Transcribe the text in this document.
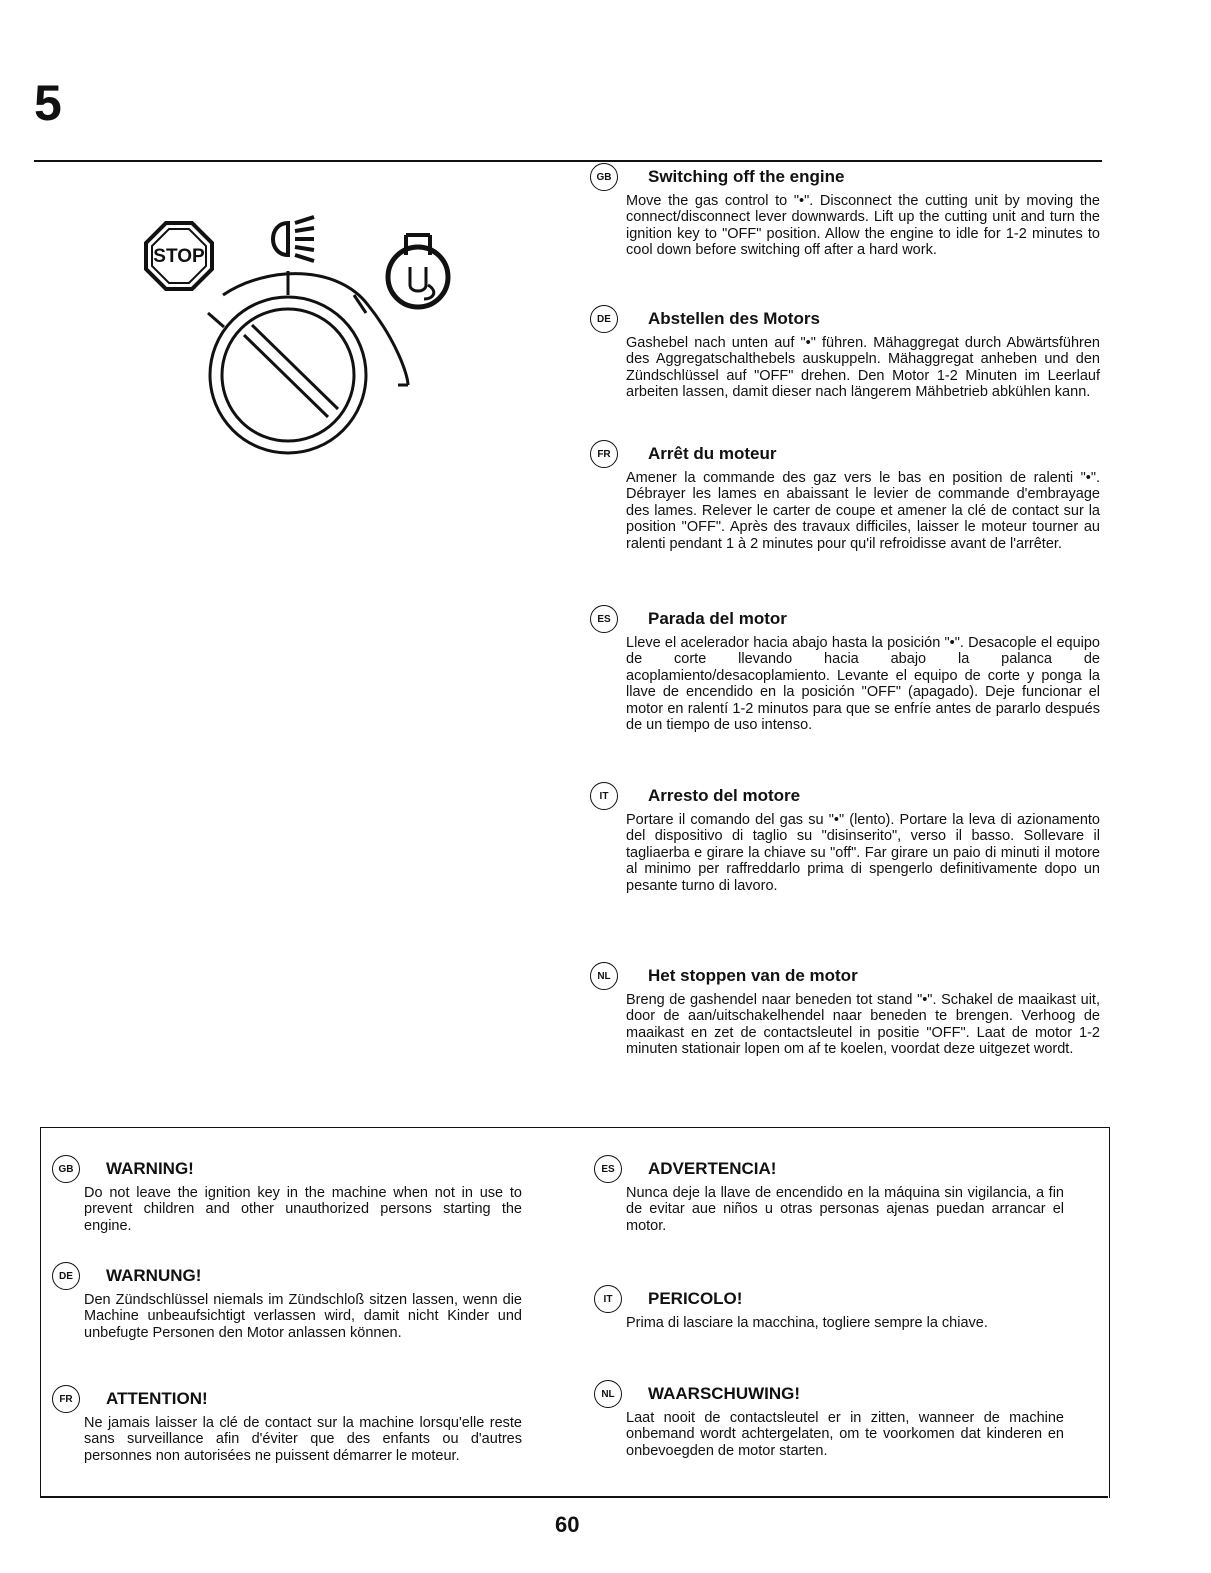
5
STOP
GB	Switching off the engine
Move the gas control to "•". Disconnect the cutting unit by moving the connect/disconnect lever downwards. Lift up the cutting unit and turn the ignition key to "OFF" position. Allow the engine to idle for 1-2 minutes to cool down before switching off after a hard work.
DE	Abstellen des Motors
Gashebel nach unten auf "•" führen. Mähaggregat durch Abwärtsführen des Aggregatschalthebels auskuppeln. Mähaggregat anheben und den Zündschlüssel auf "OFF" drehen. Den Motor 1-2 Minuten im Leerlauf arbeiten lassen, damit dieser nach längerem Mähbetrieb abkühlen kann.
FR	Arrêt du moteur
Amener la commande des gaz vers le bas en position de ralenti "•". Débrayer les lames en abaissant le levier de commande d'embrayage des lames. Relever le carter de coupe et amener la clé de contact sur la position "OFF". Après des travaux difficiles, laisser le moteur tourner au ralenti pendant 1 à 2 minutes pour qu'il refroidisse avant de l'arrêter.
ES	Parada del motor
Lleve el acelerador hacia abajo hasta la posición "•". Desacople el equipo de corte llevando hacia abajo la palanca de acoplamiento/desacoplamiento. Levante el equipo de corte y ponga la llave de encendido en la posición "OFF" (apagado). Deje funcionar el motor en ralentí 1-2 minutos para que se enfríe antes de pararlo después de un tiempo de uso intenso.
IT	Arresto del motore
Portare il comando del gas su "•" (lento). Portare la leva di azionamento del dispositivo di taglio su "disinserito", verso il basso. Sollevare il tagliaerba e girare la chiave su "off". Far girare un paio di minuti il motore al minimo per raffreddarlo prima di spengerlo definitivamente dopo un pesante turno di lavoro.
NL	Het stoppen van de motor
Breng de gashendel naar beneden tot stand "•". Schakel de maaikast uit, door de aan/uitschakelhendel naar beneden te brengen. Verhoog de maaikast en zet de contactsleutel in positie "OFF". Laat de motor 1-2 minuten stationair lopen om af te koelen, voordat deze uitgezet wordt.
GB	WARNING!
Do not leave the ignition key in the machine when not in use to prevent children and other unauthorized persons starting the engine.
DE	WARNUNG!
Den Zündschlüssel niemals im Zündschloß sitzen lassen, wenn die Machine unbeaufsichtigt verlassen wird, damit nicht Kinder und unbefugte Personen den Motor anlassen können.
FR	ATTENTION!
Ne jamais laisser la clé de contact sur la machine lorsqu'elle reste sans surveillance afin d'éviter que des enfants ou d'autres personnes non autorisées ne puissent démarrer le moteur.
ES	ADVERTENCIA!
Nunca deje la llave de encendido en la máquina sin vigilancia, a fin de evitar aue niños u otras personas ajenas puedan arrancar el motor.
IT	PERICOLO!
Prima di lasciare la macchina, togliere sempre la chiave.
NL	WAARSCHUWING!
Laat nooit de contactsleutel er in zitten, wanneer de machine onbemand wordt achtergelaten, om te voorkomen dat kinderen en onbevoegden de motor starten.
60
